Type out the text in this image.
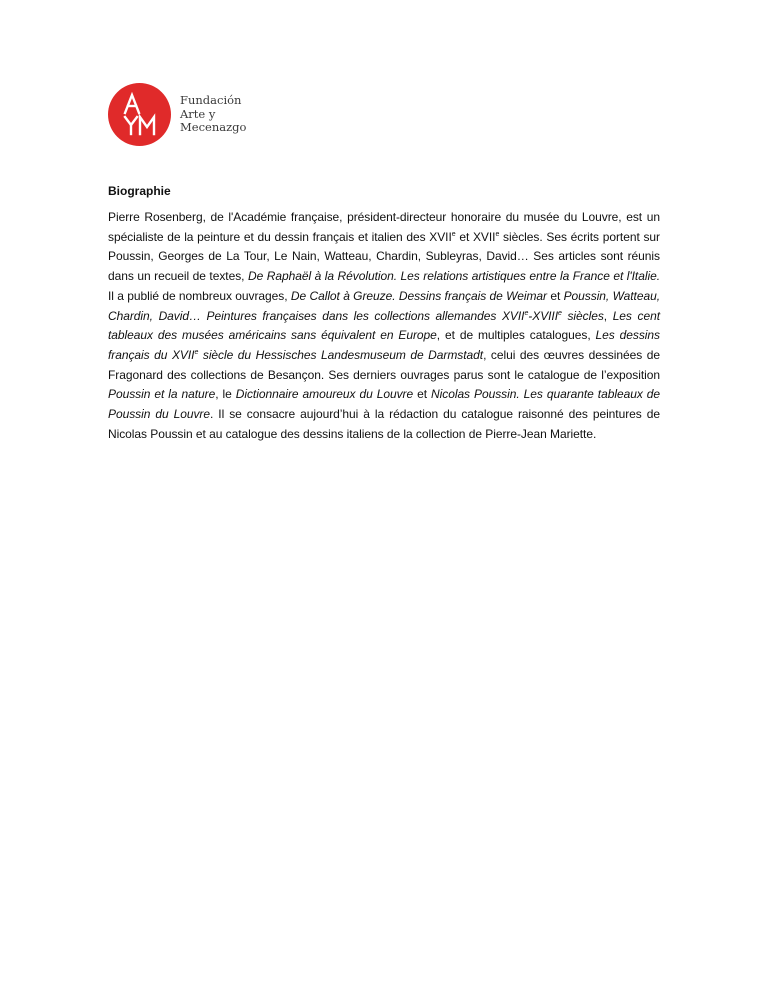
Fundación
Arte y
Mecenazgo
Biographie

Pierre Rosenberg, de l'Académie française, président-directeur honoraire du musée du Louvre, est un spécialiste de la peinture et du dessin français et italien des XVIIe et XVIIe siècles. Ses écrits portent sur Poussin, Georges de La Tour, Le Nain, Watteau, Chardin, Subleyras, David… Ses articles sont réunis dans un recueil de textes, De Raphaël à la Révolution. Les relations artistiques entre la France et l'Italie. Il a publié de nombreux ouvrages, De Callot à Greuze. Dessins français de Weimar et Poussin, Watteau, Chardin, David… Peintures françaises dans les collections allemandes XVIIe-XVIIIe siècles, Les cent tableaux des musées américains sans équivalent en Europe, et de multiples catalogues, Les dessins français du XVIIe siècle du Hessisches Landesmuseum de Darmstadt, celui des œuvres dessinées de Fragonard des collections de Besançon. Ses derniers ouvrages parus sont le catalogue de l’exposition Poussin et la nature, le Dictionnaire amoureux du Louvre et Nicolas Poussin. Les quarante tableaux de Poussin du Louvre. Il se consacre aujourd’hui à la rédaction du catalogue raisonné des peintures de Nicolas Poussin et au catalogue des dessins italiens de la collection de Pierre-Jean Mariette.
